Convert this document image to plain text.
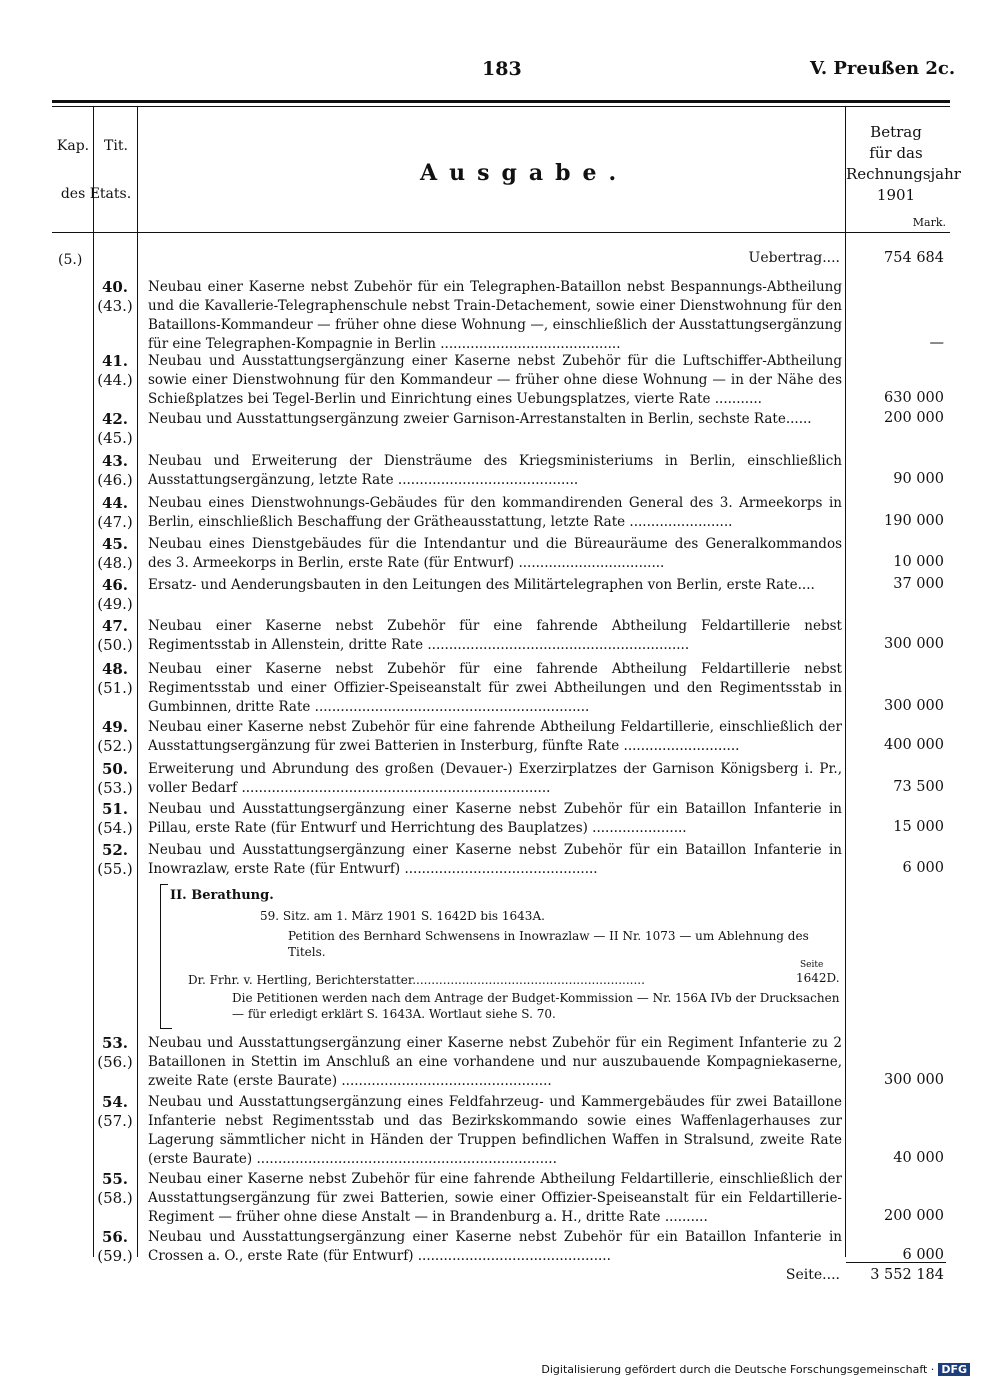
183	V. Preußen 2c.
Kap.	Tit.
des Etats.
Ausgabe.
Betrag
für das
Rechnungsjahr
1901
Mark.
(5.)	Uebertrag....	754 684
40.
(43.)
Neubau einer Kaserne nebst Zubehör für ein Telegraphen-Bataillon nebst Bespannungs-Abtheilung und die Kavallerie-Telegraphenschule nebst Train-Detachement, sowie einer Dienstwohnung für den Bataillons-Kommandeur — früher ohne diese Wohnung —, einschließlich der Ausstattungsergänzung für eine Telegraphen-Kompagnie in Berlin ..........................................	—
41.
(44.)
Neubau und Ausstattungsergänzung einer Kaserne nebst Zubehör für die Luftschiffer-Abtheilung sowie einer Dienstwohnung für den Kommandeur — früher ohne diese Wohnung — in der Nähe des Schießplatzes bei Tegel-Berlin und Einrichtung eines Uebungsplatzes, vierte Rate ...........	630 000
42.
(45.)
Neubau und Ausstattungsergänzung zweier Garnison-Arrestanstalten in Berlin, sechste Rate......	200 000
43.
(46.)
Neubau und Erweiterung der Diensträume des Kriegsministeriums in Berlin, einschließlich Ausstattungsergänzung, letzte Rate ..........................................	90 000
44.
(47.)
Neubau eines Dienstwohnungs-Gebäudes für den kommandirenden General des 3. Armeekorps in Berlin, einschließlich Beschaffung der Grätheausstattung, letzte Rate ........................	190 000
45.
(48.)
Neubau eines Dienstgebäudes für die Intendantur und die Büreauräume des Generalkommandos des 3. Armeekorps in Berlin, erste Rate (für Entwurf) ..................................	10 000
46.
(49.)
Ersatz- und Aenderungsbauten in den Leitungen des Militärtelegraphen von Berlin, erste Rate....	37 000
47.
(50.)
Neubau einer Kaserne nebst Zubehör für eine fahrende Abtheilung Feldartillerie nebst Regimentsstab in Allenstein, dritte Rate .............................................................	300 000
48.
(51.)
Neubau einer Kaserne nebst Zubehör für eine fahrende Abtheilung Feldartillerie nebst Regimentsstab und einer Offizier-Speiseanstalt für zwei Abtheilungen und den Regimentsstab in Gumbinnen, dritte Rate ................................................................	300 000
49.
(52.)
Neubau einer Kaserne nebst Zubehör für eine fahrende Abtheilung Feldartillerie, einschließlich der Ausstattungsergänzung für zwei Batterien in Insterburg, fünfte Rate ...........................	400 000
50.
(53.)
Erweiterung und Abrundung des großen (Devauer-) Exerzirplatzes der Garnison Königsberg i. Pr., voller Bedarf ........................................................................	73 500
51.
(54.)
Neubau und Ausstattungsergänzung einer Kaserne nebst Zubehör für ein Bataillon Infanterie in Pillau, erste Rate (für Entwurf und Herrichtung des Bauplatzes) ......................	15 000
52.
(55.)
Neubau und Ausstattungsergänzung einer Kaserne nebst Zubehör für ein Bataillon Infanterie in Inowrazlaw, erste Rate (für Entwurf) .............................................	6 000
53.
(56.)
Neubau und Ausstattungsergänzung einer Kaserne nebst Zubehör für ein Regiment Infanterie zu 2 Bataillonen in Stettin im Anschluß an eine vorhandene und nur auszubauende Kompagniekaserne, zweite Rate (erste Baurate) .................................................	300 000
54.
(57.)
Neubau und Ausstattungsergänzung eines Feldfahrzeug- und Kammergebäudes für zwei Bataillone Infanterie nebst Regimentsstab und das Bezirkskommando sowie eines Waffenlagerhauses zur Lagerung sämmtlicher nicht in Händen der Truppen befindlichen Waffen in Stralsund, zweite Rate (erste Baurate) ......................................................................	40 000
55.
(58.)
Neubau einer Kaserne nebst Zubehör für eine fahrende Abtheilung Feldartillerie, einschließlich der Ausstattungsergänzung für zwei Batterien, sowie einer Offizier-Speiseanstalt für ein Feldartillerie-Regiment — früher ohne diese Anstalt — in Brandenburg a. H., dritte Rate ..........	200 000
56.
(59.)
Neubau und Ausstattungsergänzung einer Kaserne nebst Zubehör für ein Bataillon Infanterie in Crossen a. O., erste Rate (für Entwurf) .............................................	6 000
II. Berathung.
59. Sitz. am 1. März 1901 S. 1642D bis 1643A.
Petition des Bernhard Schwensens in Inowrazlaw — II Nr. 1073 — um Ablehnung des Titels.
Seite
Dr. Frhr. v. Hertling, Berichterstatter.............................................................	1642D.
Die Petitionen werden nach dem Antrage der Budget-Kommission — Nr. 156A IVb der Drucksachen — für erledigt erklärt S. 1643A. Wortlaut siehe S. 70.
Seite....	3 552 184
Digitalisierung gefördert durch die Deutsche Forschungsgemeinschaft · DFG
